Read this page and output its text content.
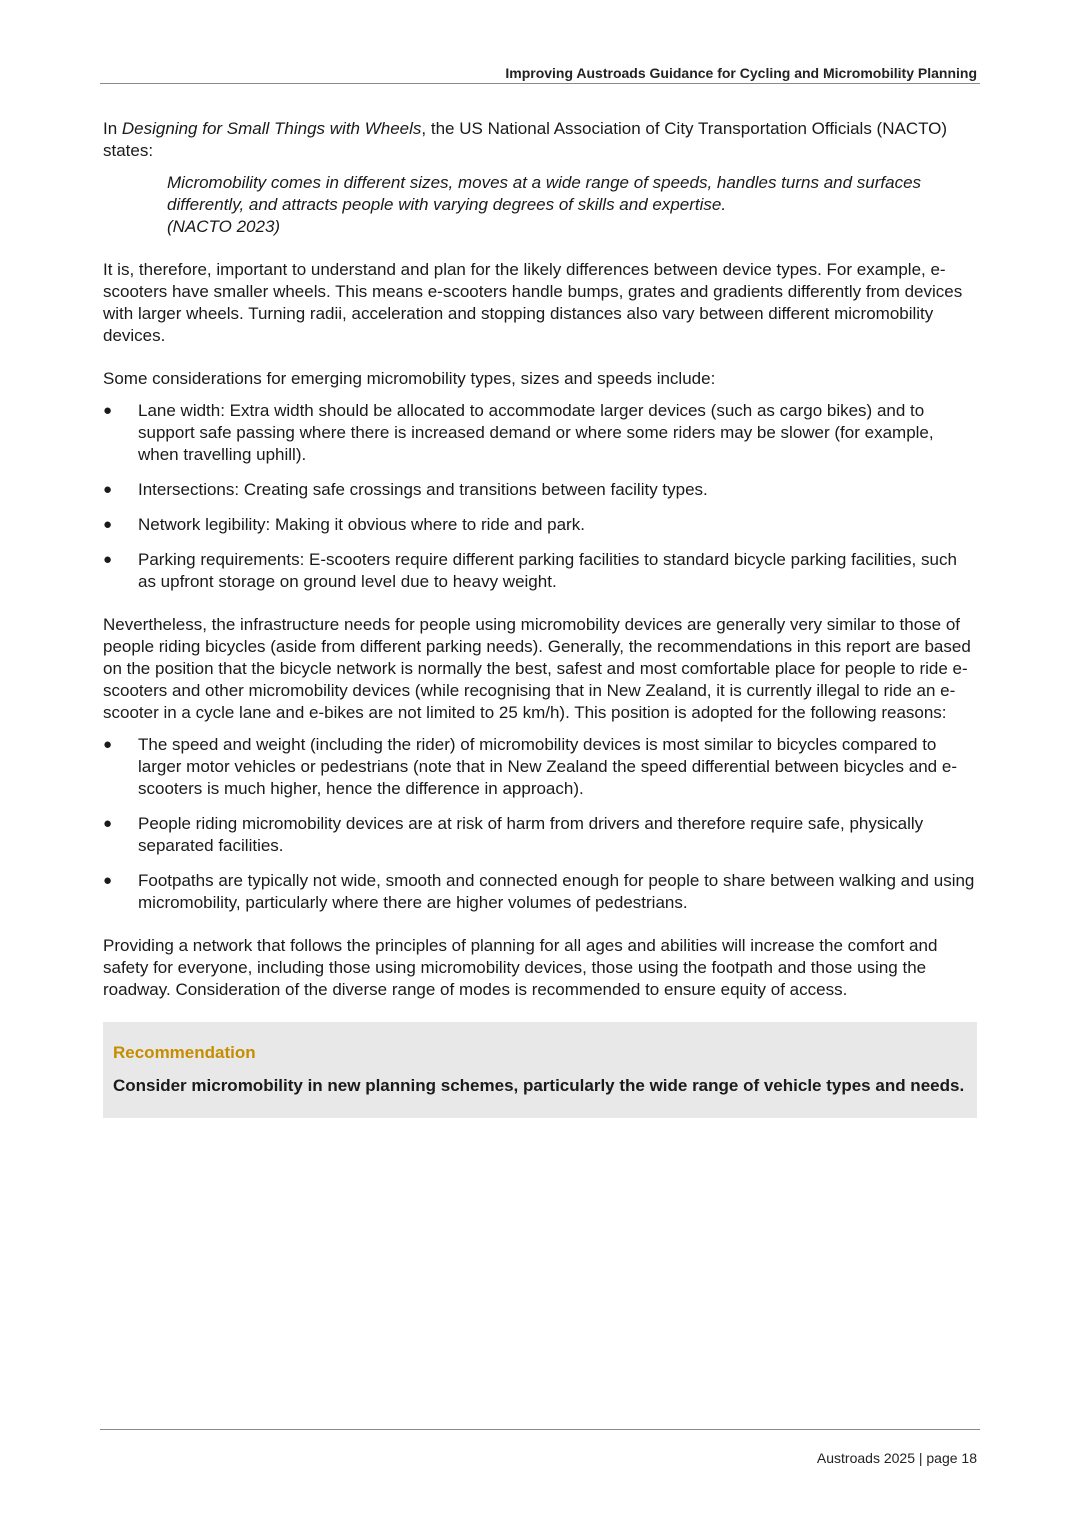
Improving Austroads Guidance for Cycling and Micromobility Planning

In Designing for Small Things with Wheels, the US National Association of City Transportation Officials (NACTO) states:

Micromobility comes in different sizes, moves at a wide range of speeds, handles turns and surfaces differently, and attracts people with varying degrees of skills and expertise.
(NACTO 2023)

It is, therefore, important to understand and plan for the likely differences between device types. For example, e-scooters have smaller wheels. This means e-scooters handle bumps, grates and gradients differently from devices with larger wheels. Turning radii, acceleration and stopping distances also vary between different micromobility devices.

Some considerations for emerging micromobility types, sizes and speeds include:

● Lane width: Extra width should be allocated to accommodate larger devices (such as cargo bikes) and to support safe passing where there is increased demand or where some riders may be slower (for example, when travelling uphill).
● Intersections: Creating safe crossings and transitions between facility types.
● Network legibility: Making it obvious where to ride and park.
● Parking requirements: E-scooters require different parking facilities to standard bicycle parking facilities, such as upfront storage on ground level due to heavy weight.

Nevertheless, the infrastructure needs for people using micromobility devices are generally very similar to those of people riding bicycles (aside from different parking needs). Generally, the recommendations in this report are based on the position that the bicycle network is normally the best, safest and most comfortable place for people to ride e-scooters and other micromobility devices (while recognising that in New Zealand, it is currently illegal to ride an e-scooter in a cycle lane and e-bikes are not limited to 25 km/h). This position is adopted for the following reasons:

● The speed and weight (including the rider) of micromobility devices is most similar to bicycles compared to larger motor vehicles or pedestrians (note that in New Zealand the speed differential between bicycles and e-scooters is much higher, hence the difference in approach).
● People riding micromobility devices are at risk of harm from drivers and therefore require safe, physically separated facilities.
● Footpaths are typically not wide, smooth and connected enough for people to share between walking and using micromobility, particularly where there are higher volumes of pedestrians.

Providing a network that follows the principles of planning for all ages and abilities will increase the comfort and safety for everyone, including those using micromobility devices, those using the footpath and those using the roadway. Consideration of the diverse range of modes is recommended to ensure equity of access.

Recommendation

Consider micromobility in new planning schemes, particularly the wide range of vehicle types and needs.

Austroads 2025 | page 18
